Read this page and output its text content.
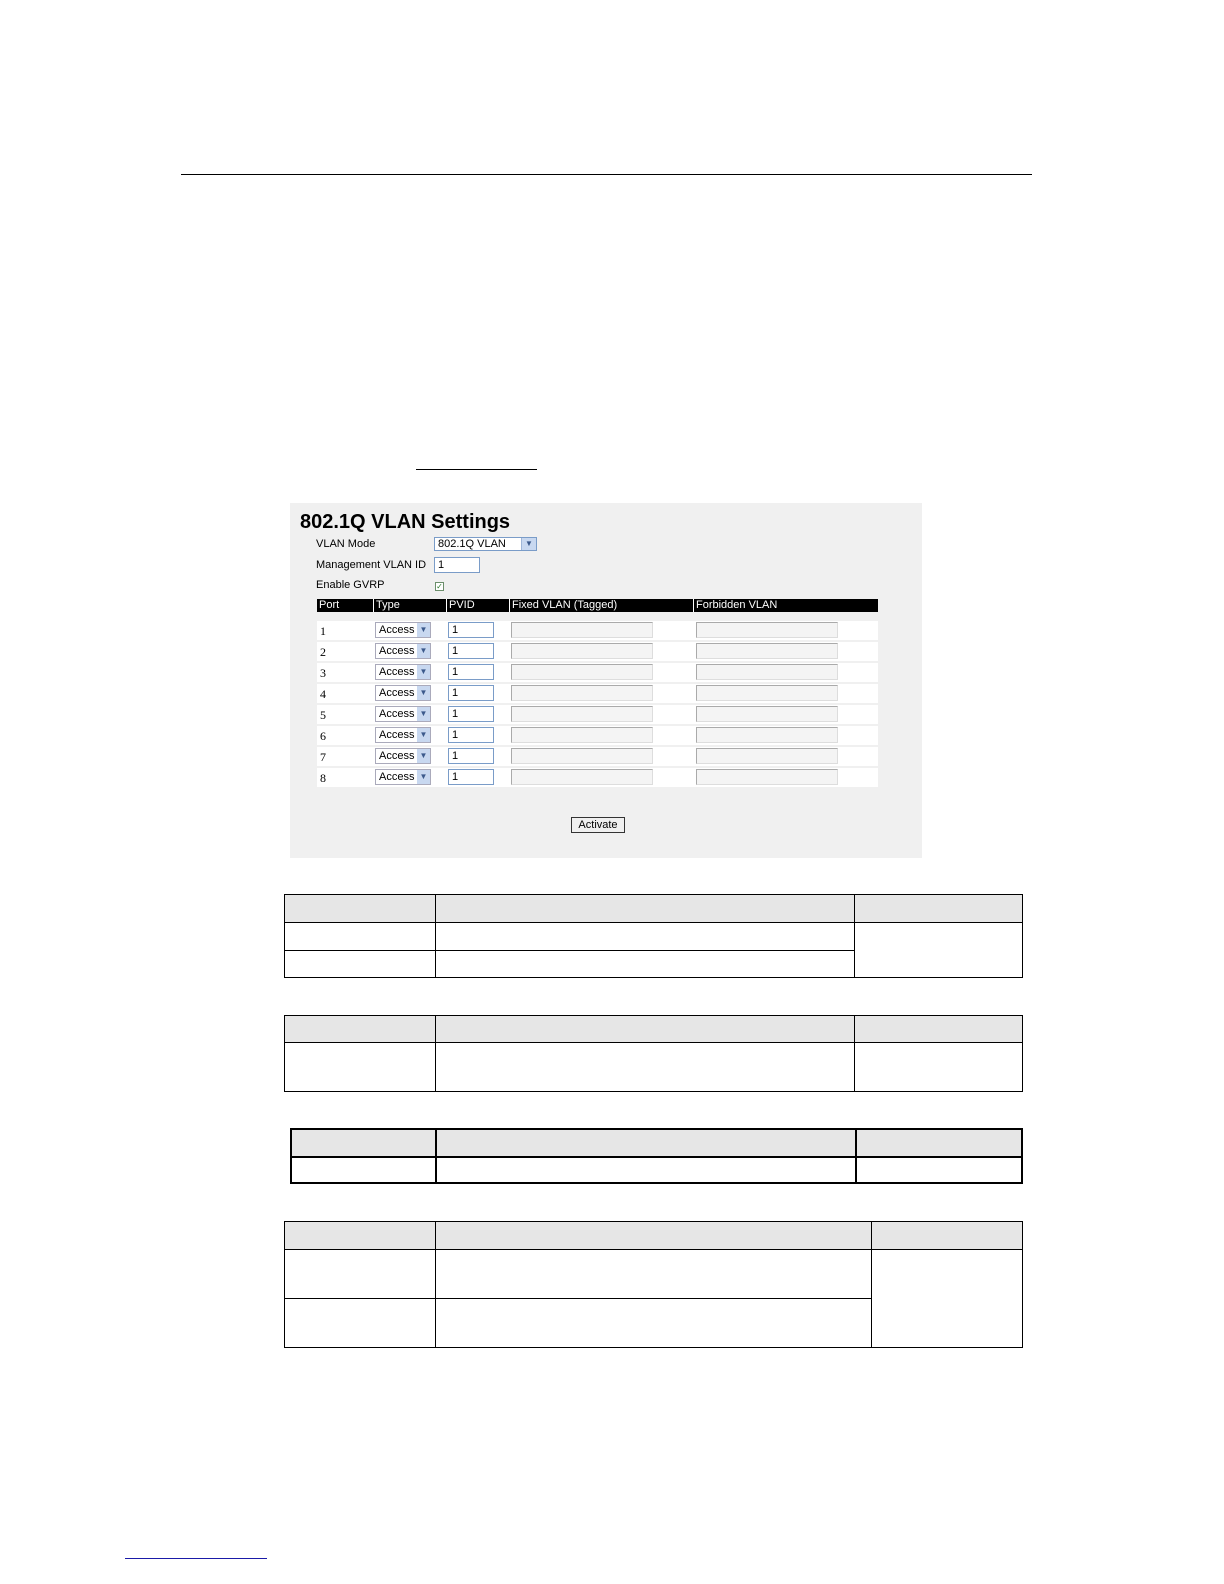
802.1Q VLAN Settings
VLAN Mode	802.1Q VLAN	▼
Management VLAN ID	1
Enable GVRP	✓
Port	Type	PVID	Fixed VLAN (Tagged)	Forbidden VLAN
1	Access ▼	1
2	Access ▼	1
3	Access ▼	1
4	Access ▼	1
5	Access ▼	1
6	Access ▼	1
7	Access ▼	1
8	Access ▼	1
Activate
